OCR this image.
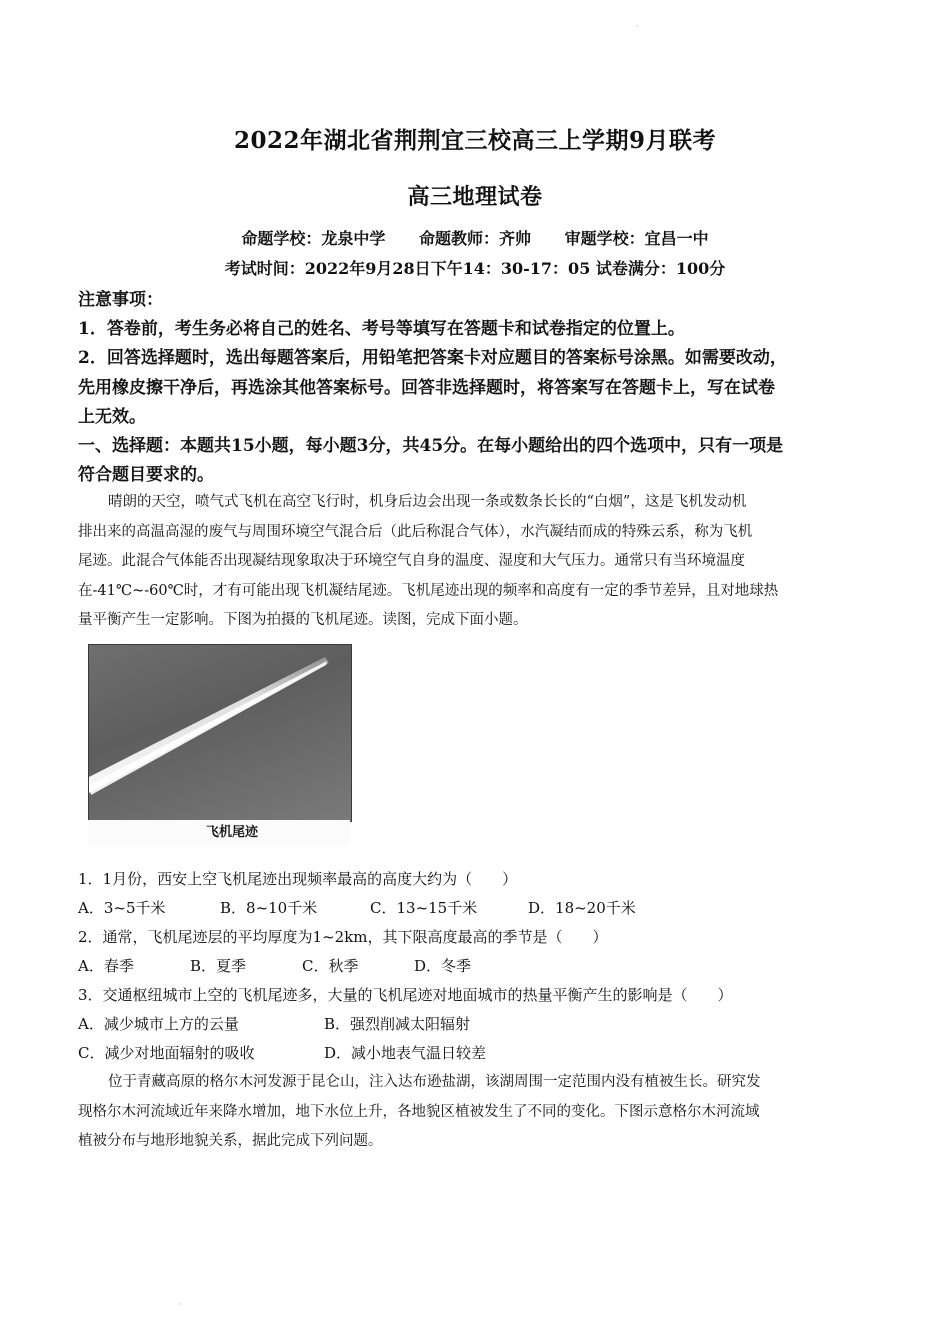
2022年湖北省荆荆宜三校高三上学期9月联考
高三地理试卷
命题学校：龙泉中学 命题教师：齐帅 审题学校：宜昌一中
考试时间：2022年9月28日下午14：30-17：05 试卷满分：100分
注意事项：
1．答卷前，考生务必将自己的姓名、考号等填写在答题卡和试卷指定的位置上。
2．回答选择题时，选出每题答案后，用铅笔把答案卡对应题目的答案标号涂黑。如需要改动，
先用橡皮擦干净后，再选涂其他答案标号。回答非选择题时，将答案写在答题卡上，写在试卷
上无效。
一、选择题：本题共15小题，每小题3分，共45分。在每小题给出的四个选项中，只有一项是
符合题目要求的。
晴朗的天空，喷气式飞机在高空飞行时，机身后边会出现一条或数条长长的“白烟”，这是飞机发动机
排出来的高温高湿的废气与周围环境空气混合后（此后称混合气体），水汽凝结而成的特殊云系，称为飞机
尾迹。此混合气体能否出现凝结现象取决于环境空气自身的温度、湿度和大气压力。通常只有当环境温度
在-41℃~-60℃时，才有可能出现飞机凝结尾迹。飞机尾迹出现的频率和高度有一定的季节差异，且对地球热
量平衡产生一定影响。下图为拍摄的飞机尾迹。读图，完成下面小题。
飞机尾迹
1．1月份，西安上空飞机尾迹出现频率最高的高度大约为（　　）
A．3~5千米	B．8~10千米	C．13~15千米	D．18~20千米
2．通常，飞机尾迹层的平均厚度为1~2km，其下限高度最高的季节是（　　）
A．春季	B．夏季	C．秋季	D．冬季
3．交通枢纽城市上空的飞机尾迹多，大量的飞机尾迹对地面城市的热量平衡产生的影响是（　　）
A．减少城市上方的云量	B．强烈削减太阳辐射
C．减少对地面辐射的吸收	D．减小地表气温日较差
位于青藏高原的格尔木河发源于昆仑山，注入达布逊盐湖，该湖周围一定范围内没有植被生长。研究发
现格尔木河流域近年来降水增加，地下水位上升，各地貌区植被发生了不同的变化。下图示意格尔木河流域
植被分布与地形地貌关系，据此完成下列问题。
·
·
